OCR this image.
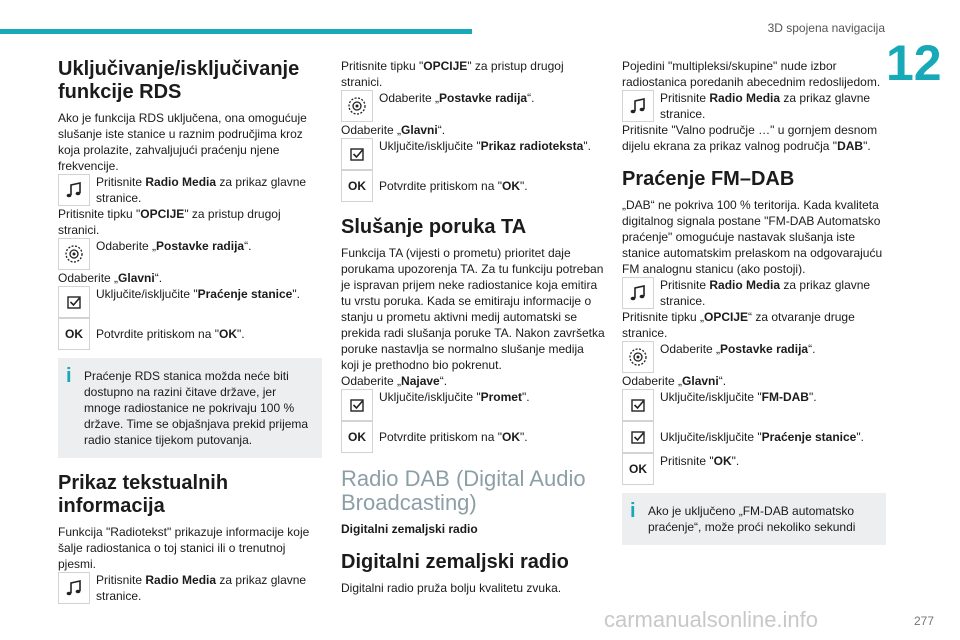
3D spojena navigacija
12
Uključivanje/isključivanje funkcije RDS

Ako je funkcija RDS uključena, ona omogućuje slušanje iste stanice u raznim područjima kroz koja prolazite, zahvaljujući praćenju njene frekvencije.

Pritisnite Radio Media za prikaz glavne stranice.

Pritisnite tipku "OPCIJE" za pristup drugoj stranici.

Odaberite „Postavke radija“.

Odaberite „Glavni“.

Uključite/isključite "Praćenje stanice".

OK Potvrdite pritiskom na "OK".

i	Praćenje RDS stanica možda neće biti dostupno na razini čitave države, jer mnoge radiostanice ne pokrivaju 100 % države. Time se objašnjava prekid prijema radio stanice tijekom putovanja.

Prikaz tekstualnih informacija

Funkcija "Radiotekst" prikazuje informacije koje šalje radiostanica o toj stanici ili o trenutnoj pjesmi.

Pritisnite Radio Media za prikaz glavne stranice.

Pritisnite tipku "OPCIJE" za pristup drugoj stranici.

Odaberite „Postavke radija“.

Odaberite „Glavni“.

Uključite/isključite "Prikaz radioteksta".

OK Potvrdite pritiskom na "OK".

Slušanje poruka TA

Funkcija TA (vijesti o prometu) prioritet daje porukama upozorenja TA. Za tu funkciju potreban je ispravan prijem neke radiostanice koja emitira tu vrstu poruka. Kada se emitiraju informacije o stanju u prometu aktivni medij automatski se prekida radi slušanja poruke TA. Nakon završetka poruke nastavlja se normalno slušanje medija koji je prethodno bio pokrenut.

Odaberite „Najave“.

Uključite/isključite "Promet".

OK Potvrdite pritiskom na "OK".

Radio DAB (Digital Audio Broadcasting)

Digitalni zemaljski radio

Digitalni zemaljski radio

Digitalni radio pruža bolju kvalitetu zvuka.

Pojedini "multipleksi/skupine" nude izbor radiostanica poredanih abecednim redoslijedom.

Pritisnite Radio Media za prikaz glavne stranice.

Pritisnite "Valno područje …" u gornjem desnom dijelu ekrana za prikaz valnog područja "DAB".

Praćenje FM–DAB

„DAB“ ne pokriva 100 % teritorija. Kada kvaliteta digitalnog signala postane "FM-DAB Automatsko praćenje" omogućuje nastavak slušanja iste stanice automatskim prelaskom na odgovarajuću FM analognu stanicu (ako postoji).

Pritisnite Radio Media za prikaz glavne stranice.

Pritisnite tipku „OPCIJE“ za otvaranje druge stranice.

Odaberite „Postavke radija“.

Odaberite „Glavni“.

Uključite/isključite "FM-DAB".

Uključite/isključite "Praćenje stanice".

OK

Pritisnite "OK".

i	Ako je uključeno „FM-DAB automatsko praćenje“, može proći nekoliko sekundi

carmanualsonline.info	277
